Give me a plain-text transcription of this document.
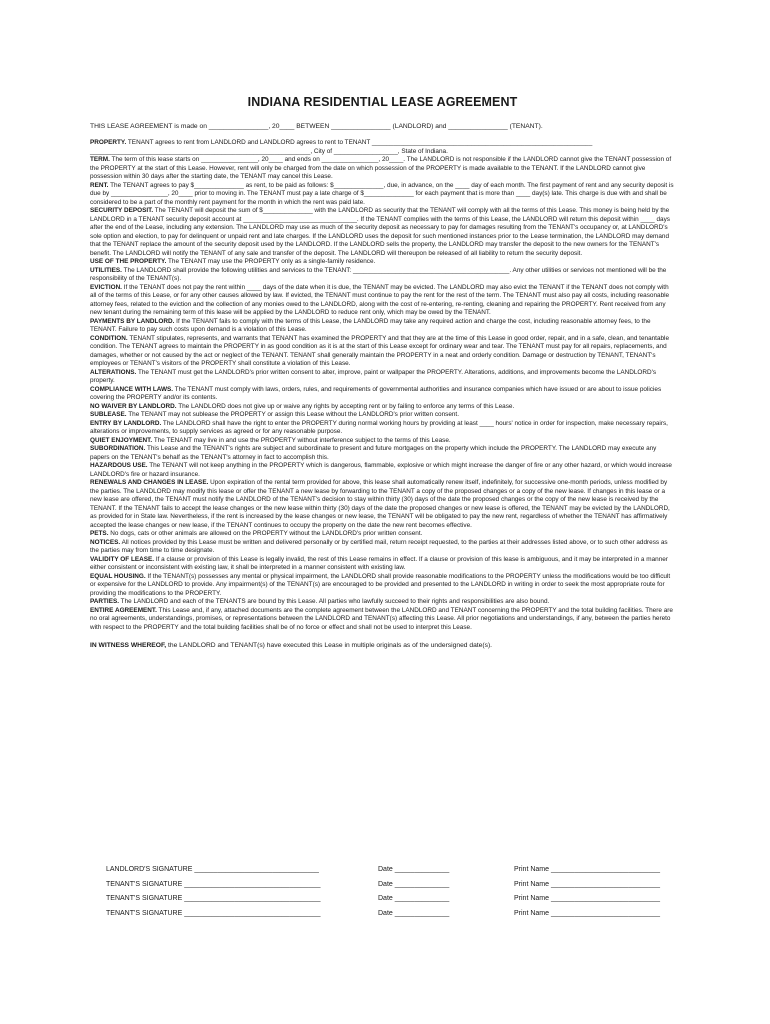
INDIANA RESIDENTIAL LEASE AGREEMENT

THIS LEASE AGREEMENT is made on ________________, 20____ BETWEEN ________________ (LANDLORD) and ________________ (TENANT).

PROPERTY. TENANT agrees to rent from LANDLORD and LANDLORD agrees to rent to TENANT ______________________________________________________________ ______________________________________________________________, City of __________________, State of Indiana.

TERM. The term of this lease starts on ________________, 20____ and ends on ________________, 20____. The LANDLORD is not responsible if the LANDLORD cannot give the TENANT possession of the PROPERTY at the start of this Lease. However, rent will only be charged from the date on which possession of the PROPERTY is made available to the TENANT. If the LANDLORD cannot give possession within 30 days after the starting date, the TENANT may cancel this Lease.

RENT. The TENANT agrees to pay $______________ as rent, to be paid as follows: $______________, due, in advance, on the ____ day of each month. The first payment of rent and any security deposit is due by ________________, 20____ prior to moving in. The TENANT must pay a late charge of $______________ for each payment that is more than ____ day(s) late. This charge is due with and shall be considered to be a part of the monthly rent payment for the month in which the rent was paid late.

SECURITY DEPOSIT. The TENANT will deposit the sum of $______________ with the LANDLORD as security that the TENANT will comply with all the terms of this Lease. This money is being held by the LANDLORD in a TENANT security deposit account at ________________________________. If the TENANT complies with the terms of this Lease, the LANDLORD will return this deposit within ____ days after the end of the Lease, including any extension. The LANDLORD may use as much of the security deposit as necessary to pay for damages resulting from the TENANT's occupancy or, at LANDLORD's sole option and election, to pay for delinquent or unpaid rent and late charges. If the LANDLORD uses the deposit for such mentioned instances prior to the Lease termination, the LANDLORD may demand that the TENANT replace the amount of the security deposit used by the LANDLORD. If the LANDLORD sells the property, the LANDLORD may transfer the deposit to the new owners for the TENANT's benefit. The LANDLORD will notify the TENANT of any sale and transfer of the deposit. The LANDLORD will thereupon be released of all liability to return the security deposit.

USE OF THE PROPERTY. The TENANT may use the PROPERTY only as a single-family residence.

UTILITIES. The LANDLORD shall provide the following utilities and services to the TENANT: ____________________________________________. Any other utilities or services not mentioned will be the responsibility of the TENANT(s).

EVICTION. If the TENANT does not pay the rent within ____ days of the date when it is due, the TENANT may be evicted. The LANDLORD may also evict the TENANT if the TENANT does not comply with all of the terms of this Lease, or for any other causes allowed by law. If evicted, the TENANT must continue to pay the rent for the rest of the term. The TENANT must also pay all costs, including reasonable attorney fees, related to the eviction and the collection of any monies owed to the LANDLORD, along with the cost of re-entering, re-renting, cleaning and repairing the PROPERTY. Rent received from any new tenant during the remaining term of this lease will be applied by the LANDLORD to reduce rent only, which may be owed by the TENANT.

PAYMENTS BY LANDLORD. If the TENANT fails to comply with the terms of this Lease, the LANDLORD may take any required action and charge the cost, including reasonable attorney fees, to the TENANT. Failure to pay such costs upon demand is a violation of this Lease.

CONDITION. TENANT stipulates, represents, and warrants that TENANT has examined the PROPERTY and that they are at the time of this Lease in good order, repair, and in a safe, clean, and tenantable condition. The TENANT agrees to maintain the PROPERTY in as good condition as it is at the start of this Lease except for ordinary wear and tear. The TENANT must pay for all repairs, replacements, and damages, whether or not caused by the act or neglect of the TENANT. TENANT shall generally maintain the PROPERTY in a neat and orderly condition. Damage or destruction by TENANT, TENANT's employees or TENANT's visitors of the PROPERTY shall constitute a violation of this Lease.

ALTERATIONS. The TENANT must get the LANDLORD's prior written consent to alter, improve, paint or wallpaper the PROPERTY. Alterations, additions, and improvements become the LANDLORD's property.

COMPLIANCE WITH LAWS. The TENANT must comply with laws, orders, rules, and requirements of governmental authorities and insurance companies which have issued or are about to issue policies covering the PROPERTY and/or its contents.

NO WAIVER BY LANDLORD. The LANDLORD does not give up or waive any rights by accepting rent or by failing to enforce any terms of this Lease.

SUBLEASE. The TENANT may not sublease the PROPERTY or assign this Lease without the LANDLORD's prior written consent.

ENTRY BY LANDLORD. The LANDLORD shall have the right to enter the PROPERTY during normal working hours by providing at least ____ hours' notice in order for inspection, make necessary repairs, alterations or improvements, to supply services as agreed or for any reasonable purpose.

QUIET ENJOYMENT. The TENANT may live in and use the PROPERTY without interference subject to the terms of this Lease.

SUBORDINATION. This Lease and the TENANT's rights are subject and subordinate to present and future mortgages on the property which include the PROPERTY. The LANDLORD may execute any papers on the TENANT's behalf as the TENANT's attorney in fact to accomplish this.

HAZARDOUS USE. The TENANT will not keep anything in the PROPERTY which is dangerous, flammable, explosive or which might increase the danger of fire or any other hazard, or which would increase LANDLORD's fire or hazard insurance.

RENEWALS AND CHANGES IN LEASE. Upon expiration of the rental term provided for above, this lease shall automatically renew itself, indefinitely, for successive one-month periods, unless modified by the parties. The LANDLORD may modify this lease or offer the TENANT a new lease by forwarding to the TENANT a copy of the proposed changes or a copy of the new lease. If changes in this lease or a new lease are offered, the TENANT must notify the LANDLORD of the TENANT's decision to stay within thirty (30) days of the date the proposed changes or the copy of the new lease is received by the TENANT. If the TENANT fails to accept the lease changes or the new lease within thirty (30) days of the date the proposed changes or new lease is offered, the TENANT may be evicted by the LANDLORD, as provided for in State law. Nevertheless, if the rent is increased by the lease changes or new lease, the TENANT will be obligated to pay the new rent, regardless of whether the TENANT has affirmatively accepted the lease changes or new lease, if the TENANT continues to occupy the property on the date the new rent becomes effective.

PETS. No dogs, cats or other animals are allowed on the PROPERTY without the LANDLORD's prior written consent.

NOTICES. All notices provided by this Lease must be written and delivered personally or by certified mail, return receipt requested, to the parties at their addresses listed above, or to such other address as the parties may from time to time designate.

VALIDITY OF LEASE. If a clause or provision of this Lease is legally invalid, the rest of this Lease remains in effect. If a clause or provision of this lease is ambiguous, and it may be interpreted in a manner either consistent or inconsistent with existing law, it shall be interpreted in a manner consistent with existing law.

EQUAL HOUSING. If the TENANT(s) possesses any mental or physical impairment, the LANDLORD shall provide reasonable modifications to the PROPERTY unless the modifications would be too difficult or expensive for the LANDLORD to provide. Any impairment(s) of the TENANT(s) are encouraged to be provided and presented to the LANDLORD in writing in order to seek the most appropriate route for providing the modifications to the PROPERTY.

PARTIES. The LANDLORD and each of the TENANTS are bound by this Lease. All parties who lawfully succeed to their rights and responsibilities are also bound.

ENTIRE AGREEMENT. This Lease and, if any, attached documents are the complete agreement between the LANDLORD and TENANT concerning the PROPERTY and the total building facilities. There are no oral agreements, understandings, promises, or representations between the LANDLORD and TENANT(s) affecting this Lease. All prior negotiations and understandings, if any, between the parties hereto with respect to the PROPERTY and the total building facilities shall be of no force or effect and shall not be used to interpret this Lease.

IN WITNESS WHEREOF, the LANDLORD and TENANT(s) have executed this Lease in multiple originals as of the undersigned date(s).

LANDLORD'S SIGNATURE ________________________________	Date ______________	Print Name ____________________________
TENANT'S SIGNATURE ___________________________________	Date ______________	Print Name ____________________________
TENANT'S SIGNATURE ___________________________________	Date ______________	Print Name ____________________________
TENANT'S SIGNATURE ___________________________________	Date ______________	Print Name ____________________________
